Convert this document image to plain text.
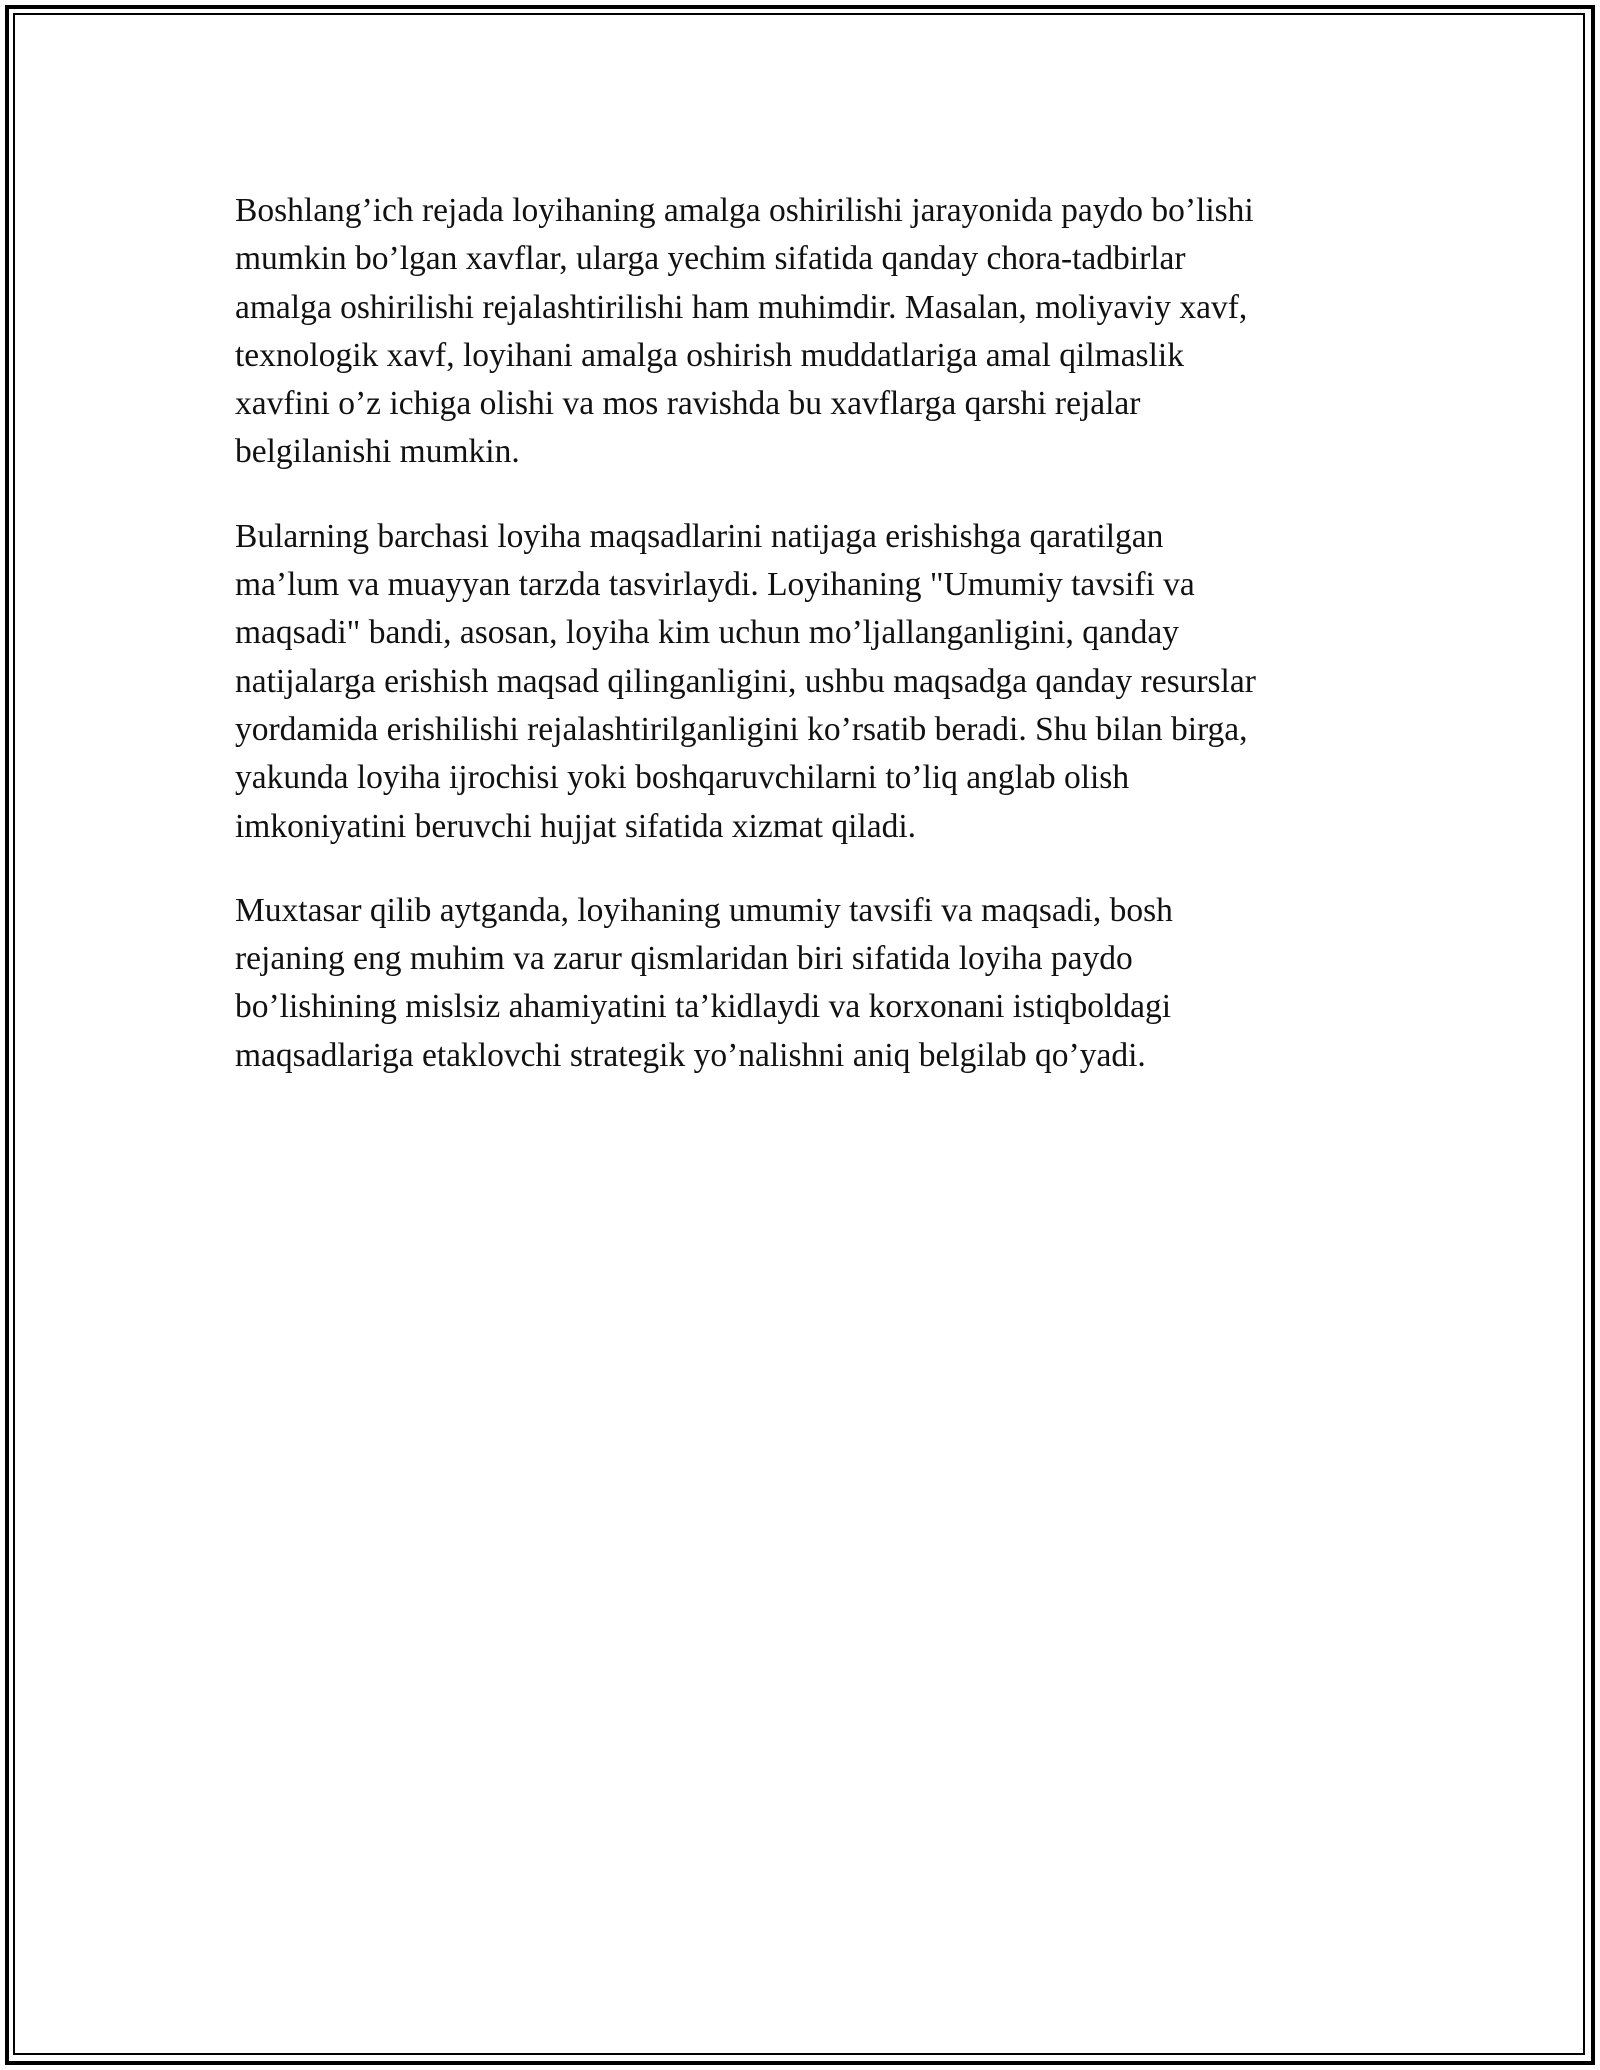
Boshlang’ich rejada loyihaning amalga oshirilishi jarayonida paydo bo’lishi
mumkin bo’lgan xavflar, ularga yechim sifatida qanday chora-tadbirlar
amalga oshirilishi rejalashtirilishi ham muhimdir. Masalan, moliyaviy xavf,
texnologik xavf, loyihani amalga oshirish muddatlariga amal qilmaslik
xavfini o’z ichiga olishi va mos ravishda bu xavflarga qarshi rejalar
belgilanishi mumkin.

Bularning barchasi loyiha maqsadlarini natijaga erishishga qaratilgan
ma’lum va muayyan tarzda tasvirlaydi. Loyihaning "Umumiy tavsifi va
maqsadi" bandi, asosan, loyiha kim uchun mo’ljallanganligini, qanday
natijalarga erishish maqsad qilinganligini, ushbu maqsadga qanday resurslar
yordamida erishilishi rejalashtirilganligini ko’rsatib beradi. Shu bilan birga,
yakunda loyiha ijrochisi yoki boshqaruvchilarni to’liq anglab olish
imkoniyatini beruvchi hujjat sifatida xizmat qiladi.

Muxtasar qilib aytganda, loyihaning umumiy tavsifi va maqsadi, bosh
rejaning eng muhim va zarur qismlaridan biri sifatida loyiha paydo
bo’lishining mislsiz ahamiyatini ta’kidlaydi va korxonani istiqboldagi
maqsadlariga etaklovchi strategik yo’nalishni aniq belgilab qo’yadi.
